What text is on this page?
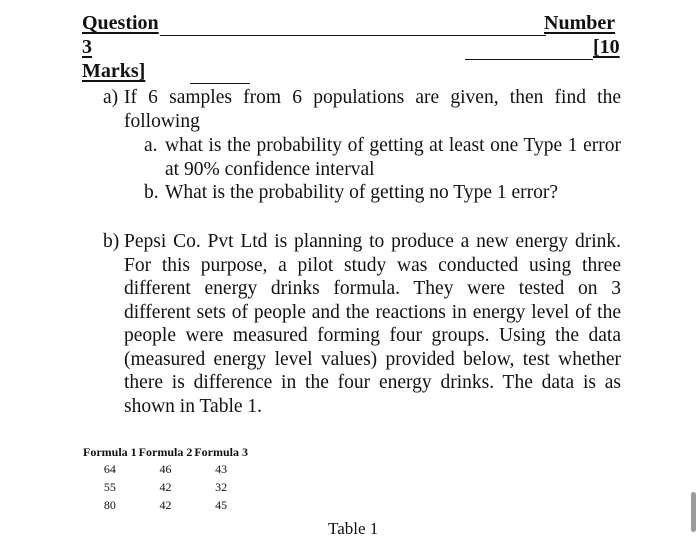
Question	Number
3	[10
Marks]
a) If 6 samples from 6 populations are given, then find the following
a. what is the probability of getting at least one Type 1 error at 90% confidence interval
b. What is the probability of getting no Type 1 error?
b) Pepsi Co. Pvt Ltd is planning to produce a new energy drink. For this purpose, a pilot study was conducted using three different energy drinks formula. They were tested on 3 different sets of people and the reactions in energy level of the people were measured forming four groups. Using the data (measured energy level values) provided below, test whether there is difference in the four energy drinks. The data is as shown in Table 1.
Formula 1	Formula 2	Formula 3
64	46	43
55	42	32
80	42	45
Table 1
